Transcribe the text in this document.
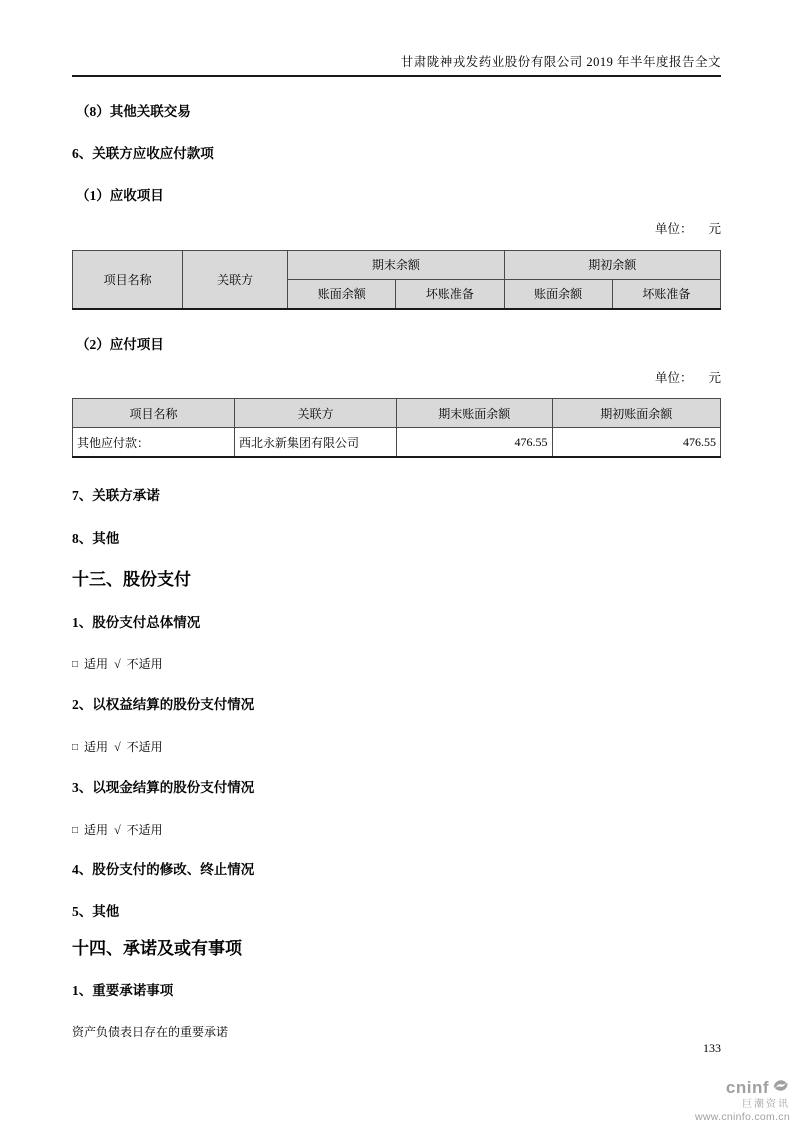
甘肃陇神戎发药业股份有限公司 2019 年半年度报告全文

（8）其他关联交易

6、关联方应收应付款项

（1）应收项目

单位： 元

项目名称	关联方	期末余额		期初余额	
		账面余额	坏账准备	账面余额	坏账准备

（2）应付项目

单位： 元

项目名称	关联方	期末账面余额	期初账面余额
其他应付款：	西北永新集团有限公司	476.55	476.55

7、关联方承诺

8、其他

十三、股份支付

1、股份支付总体情况

□ 适用 √ 不适用

2、以权益结算的股份支付情况

□ 适用 √ 不适用

3、以现金结算的股份支付情况

□ 适用 √ 不适用

4、股份支付的修改、终止情况

5、其他

十四、承诺及或有事项

1、重要承诺事项

资产负债表日存在的重要承诺

133
cninf
巨潮资讯
www.cninfo.com.cn
